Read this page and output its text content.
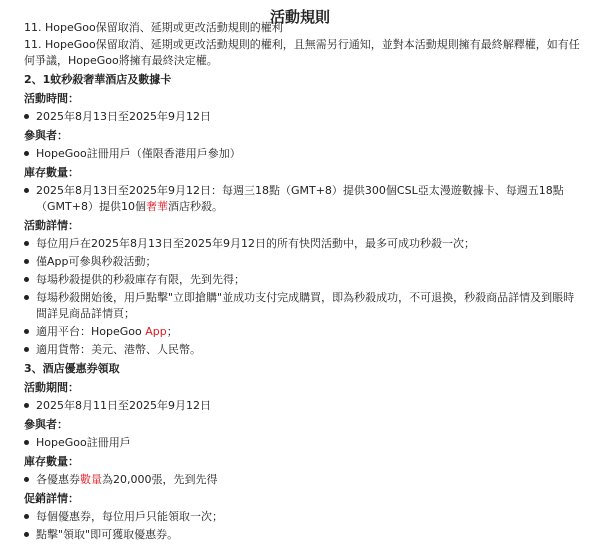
活動規則
11. HopeGoo保留取消、延期或更改活動規則的權利
11. HopeGoo保留取消、延期或更改活動規則的權利，且無需另行通知，並對本活動規則擁有最終解釋權，如有任何爭議，HopeGoo將擁有最終決定權。
2、1蚊秒殺奢華酒店及數據卡
活動時間：
2025年8月13日至2025年9月12日
參與者：
HopeGoo註冊用戶（僅限香港用戶參加）
庫存數量：
2025年8月13日至2025年9月12日：每週三18點（GMT+8）提供300個CSL亞太漫遊數據卡、每週五18點（GMT+8）提供10個奢華酒店秒殺。
活動詳情：
每位用戶在2025年8月13日至2025年9月12日的所有快閃活動中，最多可成功秒殺一次；
僅App可參與秒殺活動；
每場秒殺提供的秒殺庫存有限，先到先得；
每場秒殺開始後，用戶點擊"立即搶購"並成功支付完成購買，即為秒殺成功，不可退換，秒殺商品詳情及到賬時間詳見商品詳情頁；
適用平台：HopeGoo App；
適用貨幣：美元、港幣、人民幣。
3、酒店優惠券領取
活動期間：
2025年8月11日至2025年9月12日
參與者：
HopeGoo註冊用戶
庫存數量：
各優惠券數量為20,000張，先到先得
促銷詳情：
每個優惠券，每位用戶只能領取一次；
點擊"領取"即可獲取優惠券。
